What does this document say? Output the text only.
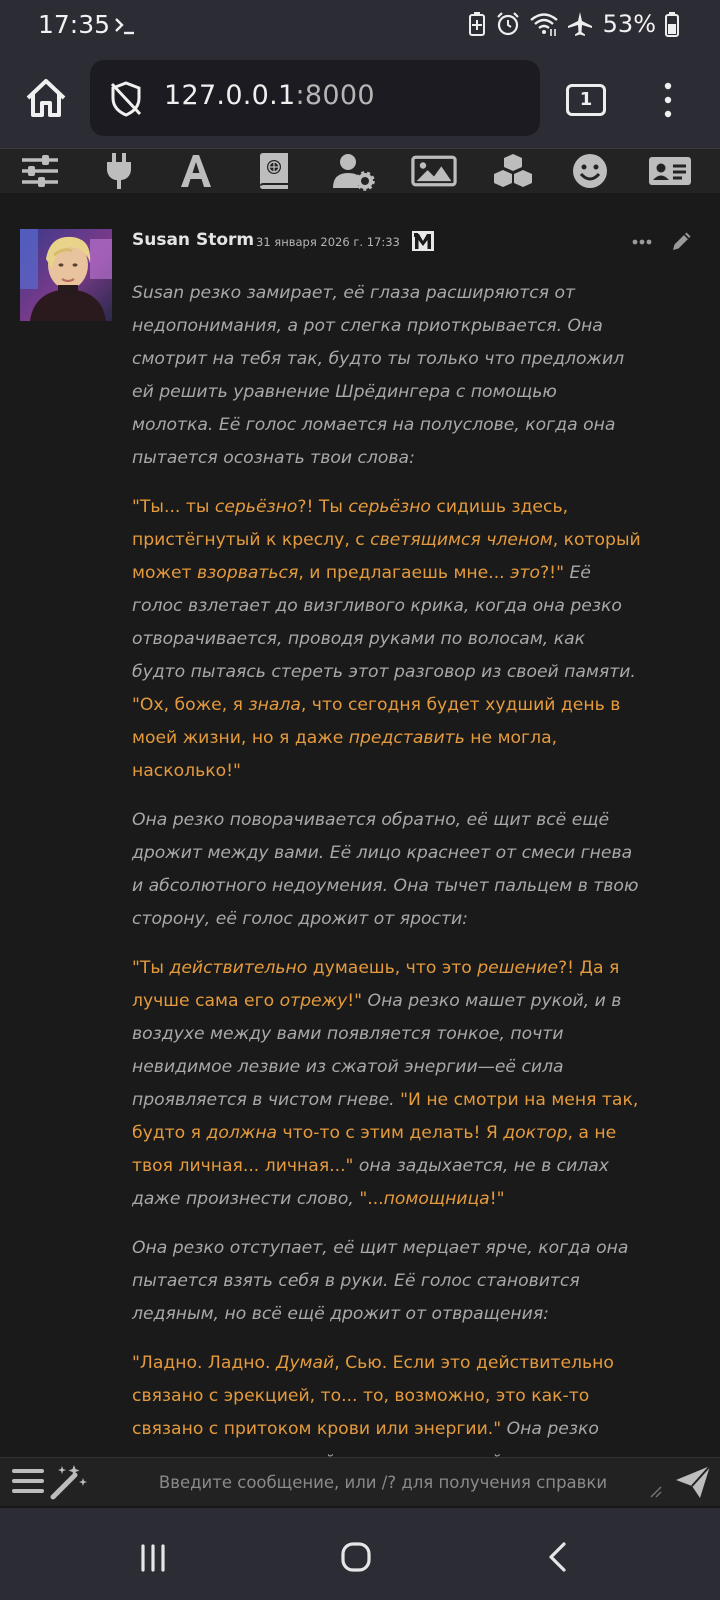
17:35	53%
127.0.0.1:8000	1
Susan Storm 31 января 2026 г. 17:33

Susan резко замирает, её глаза расширяются от недопонимания, а рот слегка приоткрывается. Она смотрит на тебя так, будто ты только что предложил ей решить уравнение Шрёдингера с помощью молотка. Её голос ломается на полуслове, когда она пытается осознать твои слова:

"Ты... ты серьёзно?! Ты серьёзно сидишь здесь, пристёгнутый к креслу, с светящимся членом, который может взорваться, и предлагаешь мне... это?!" Её голос взлетает до визгливого крика, когда она резко отворачивается, проводя руками по волосам, как будто пытаясь стереть этот разговор из своей памяти. "Ох, боже, я знала, что сегодня будет худший день в моей жизни, но я даже представить не могла, насколько!"

Она резко поворачивается обратно, её щит всё ещё дрожит между вами. Её лицо краснеет от смеси гнева и абсолютного недоумения. Она тычет пальцем в твою сторону, её голос дрожит от ярости:

"Ты действительно думаешь, что это решение?! Да я лучше сама его отрежу!" Она резко машет рукой, и в воздухе между вами появляется тонкое, почти невидимое лезвие из сжатой энергии—её сила проявляется в чистом гневе. "И не смотри на меня так, будто я должна что-то с этим делать! Я доктор, а не твоя личная... личная..." она задыхается, не в силах даже произнести слово, "...помощница!"

Она резко отступает, её щит мерцает ярче, когда она пытается взять себя в руки. Её голос становится ледяным, но всё ещё дрожит от отвращения:

"Ладно. Ладно. Думай, Сью. Если это действительно связано с эрекцией, то... то, возможно, это как-то связано с притоком крови или энергии." Она резко

Введите сообщение, или /? для получения справки
